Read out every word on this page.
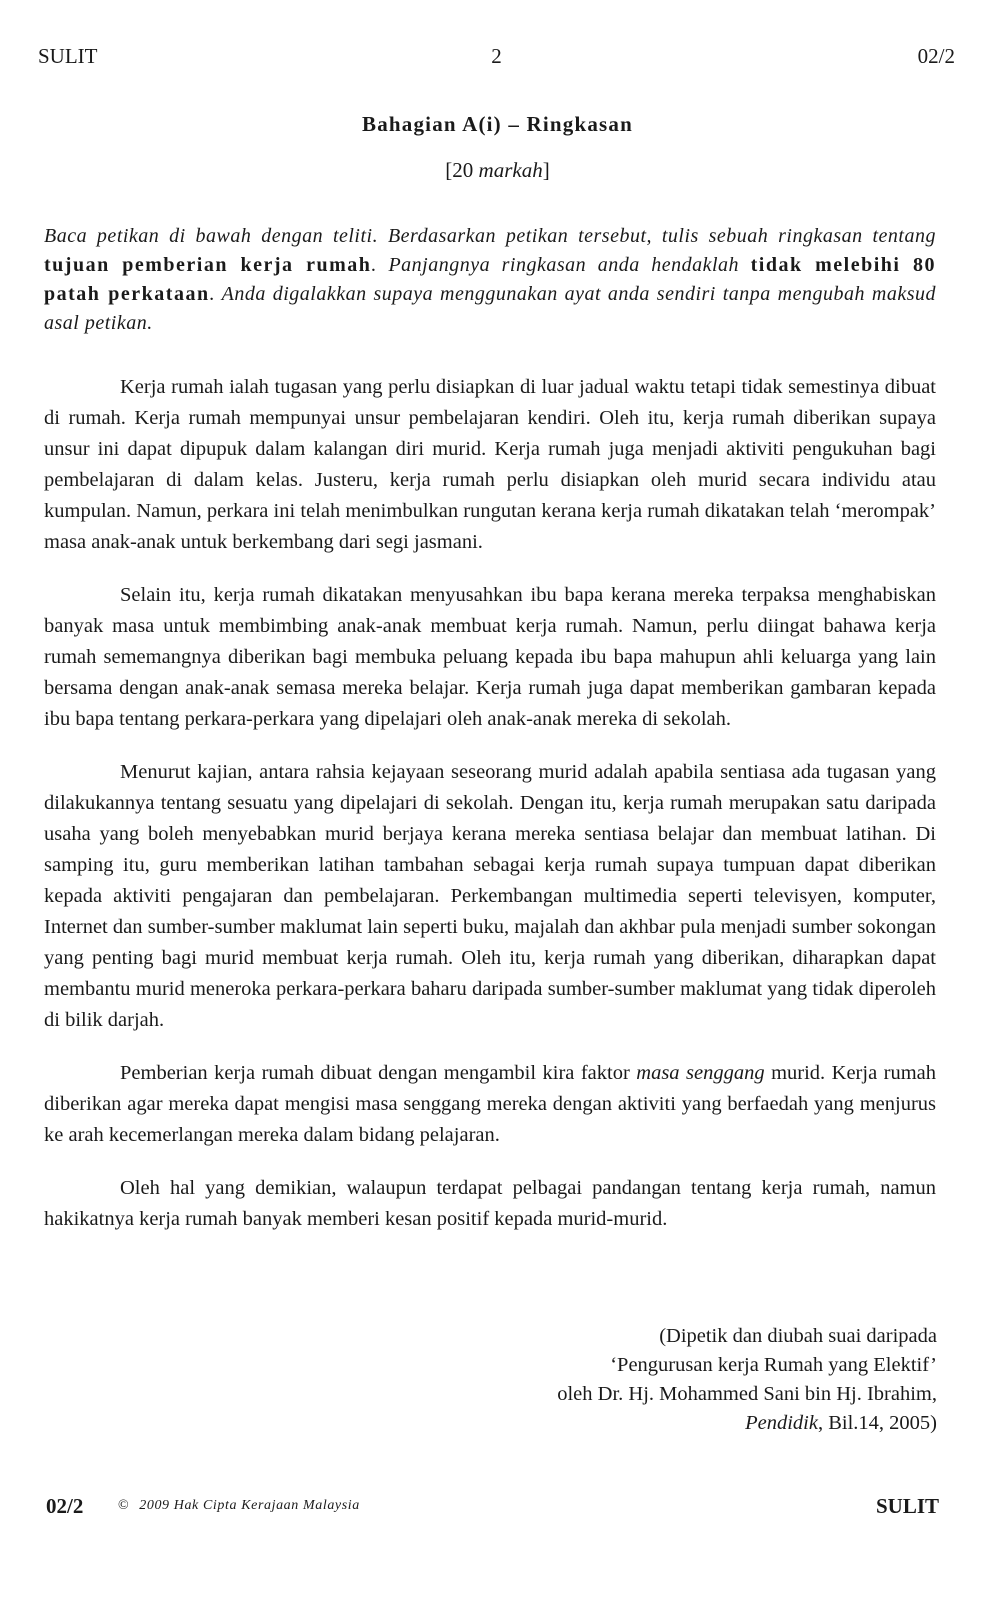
SULIT	2	02/2
Bahagian A(i) – Ringkasan
[20 markah]
Baca petikan di bawah dengan teliti. Berdasarkan petikan tersebut, tulis sebuah ringkasan tentang tujuan pemberian kerja rumah. Panjangnya ringkasan anda hendaklah tidak melebihi 80 patah perkataan. Anda digalakkan supaya menggunakan ayat anda sendiri tanpa mengubah maksud asal petikan.

Kerja rumah ialah tugasan yang perlu disiapkan di luar jadual waktu tetapi tidak semestinya dibuat di rumah. Kerja rumah mempunyai unsur pembelajaran kendiri. Oleh itu, kerja rumah diberikan supaya unsur ini dapat dipupuk dalam kalangan diri murid. Kerja rumah juga menjadi aktiviti pengukuhan bagi pembelajaran di dalam kelas. Justeru, kerja rumah perlu disiapkan oleh murid secara individu atau kumpulan. Namun, perkara ini telah menimbulkan rungutan kerana kerja rumah dikatakan telah ‘merompak’ masa anak-anak untuk berkembang dari segi jasmani.

Selain itu, kerja rumah dikatakan menyusahkan ibu bapa kerana mereka terpaksa menghabiskan banyak masa untuk membimbing anak-anak membuat kerja rumah. Namun, perlu diingat bahawa kerja rumah sememangnya diberikan bagi membuka peluang kepada ibu bapa mahupun ahli keluarga yang lain bersama dengan anak-anak semasa mereka belajar. Kerja rumah juga dapat memberikan gambaran kepada ibu bapa tentang perkara-perkara yang dipelajari oleh anak-anak mereka di sekolah.

Menurut kajian, antara rahsia kejayaan seseorang murid adalah apabila sentiasa ada tugasan yang dilakukannya tentang sesuatu yang dipelajari di sekolah. Dengan itu, kerja rumah merupakan satu daripada usaha yang boleh menyebabkan murid berjaya kerana mereka sentiasa belajar dan membuat latihan. Di samping itu, guru memberikan latihan tambahan sebagai kerja rumah supaya tumpuan dapat diberikan kepada aktiviti pengajaran dan pembelajaran. Perkembangan multimedia seperti televisyen, komputer, Internet dan sumber-sumber maklumat lain seperti buku, majalah dan akhbar pula menjadi sumber sokongan yang penting bagi murid membuat kerja rumah. Oleh itu, kerja rumah yang diberikan, diharapkan dapat membantu murid meneroka perkara-perkara baharu daripada sumber-sumber maklumat yang tidak diperoleh di bilik darjah.

Pemberian kerja rumah dibuat dengan mengambil kira faktor masa senggang murid. Kerja rumah diberikan agar mereka dapat mengisi masa senggang mereka dengan aktiviti yang berfaedah yang menjurus ke arah kecemerlangan mereka dalam bidang pelajaran.

Oleh hal yang demikian, walaupun terdapat pelbagai pandangan tentang kerja rumah, namun hakikatnya kerja rumah banyak memberi kesan positif kepada murid-murid.

(Dipetik dan diubah suai daripada
‘Pengurusan kerja Rumah yang Elektif’
oleh Dr. Hj. Mohammed Sani bin Hj. Ibrahim,
Pendidik, Bil.14, 2005)
02/2 © 2009 Hak Cipta Kerajaan Malaysia	SULIT
